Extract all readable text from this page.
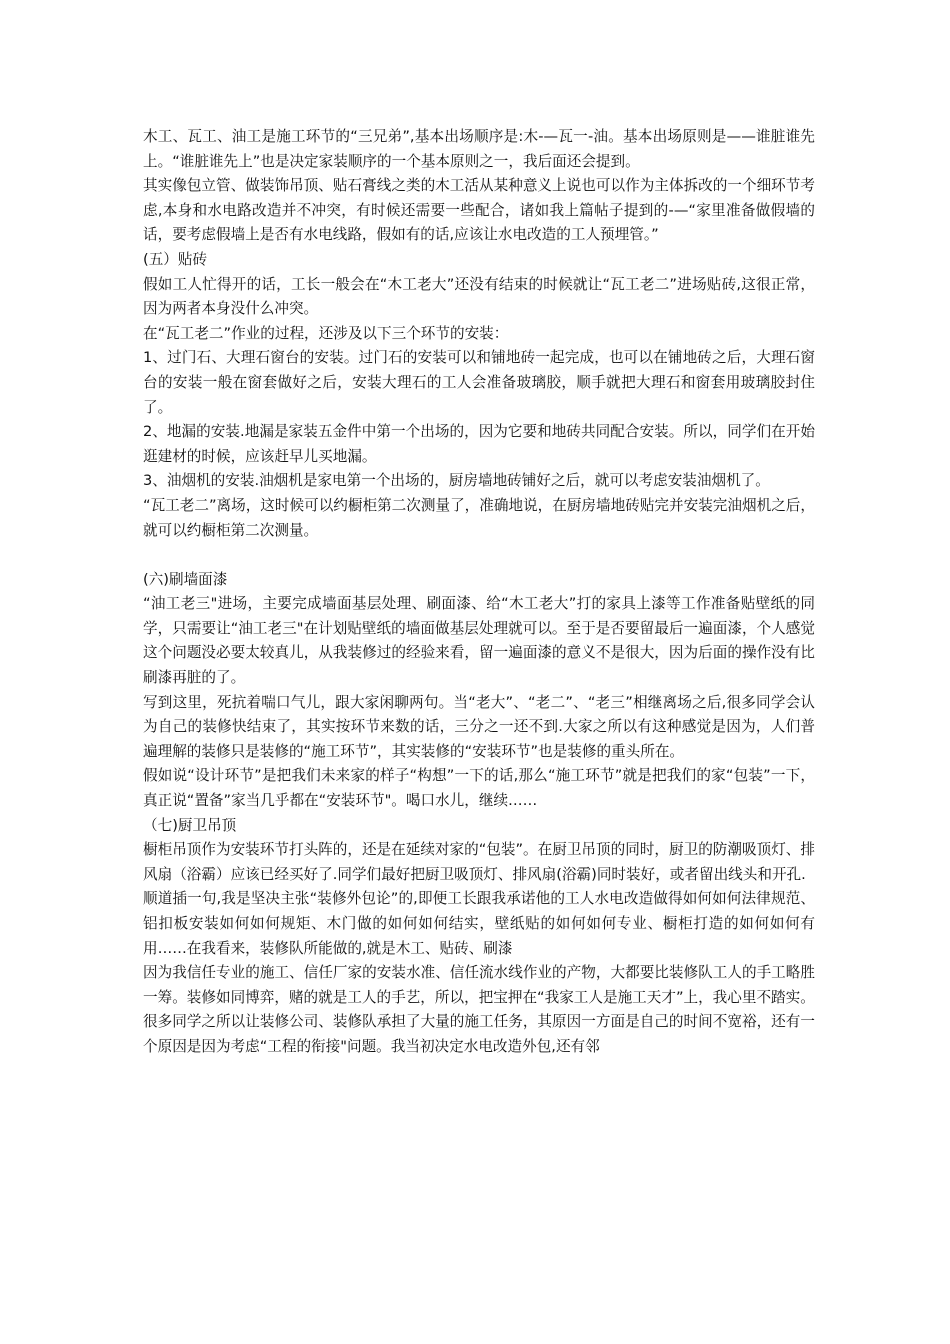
木工、瓦工、油工是施工环节的“三兄弟”,基本出场顺序是:木-—瓦一-油。基本出场原则是——谁脏谁先上。“谁脏谁先上”也是决定家装顺序的一个基本原则之一，我后面还会提到。

其实像包立管、做装饰吊顶、贴石膏线之类的木工活从某种意义上说也可以作为主体拆改的一个细环节考虑,本身和水电路改造并不冲突，有时候还需要一些配合，诸如我上篇帖子提到的-—“家里准备做假墙的话，要考虑假墙上是否有水电线路，假如有的话,应该让水电改造的工人预埋管。”

(五）贴砖

假如工人忙得开的话，工长一般会在“木工老大”还没有结束的时候就让“瓦工老二”进场贴砖,这很正常，因为两者本身没什么冲突。

在“瓦工老二”作业的过程，还涉及以下三个环节的安装：

1、过门石、大理石窗台的安装。过门石的安装可以和铺地砖一起完成，也可以在铺地砖之后，大理石窗台的安装一般在窗套做好之后，安装大理石的工人会准备玻璃胶，顺手就把大理石和窗套用玻璃胶封住了。

2、地漏的安装.地漏是家装五金件中第一个出场的，因为它要和地砖共同配合安装。所以，同学们在开始逛建材的时候，应该赶早儿买地漏。

3、油烟机的安装.油烟机是家电第一个出场的，厨房墙地砖铺好之后，就可以考虑安装油烟机了。

“瓦工老二”离场，这时候可以约橱柜第二次测量了，准确地说，在厨房墙地砖贴完并安装完油烟机之后，就可以约橱柜第二次测量。

(六)刷墙面漆

“油工老三"进场，主要完成墙面基层处理、刷面漆、给“木工老大”打的家具上漆等工作准备贴壁纸的同学，只需要让“油工老三"在计划贴壁纸的墙面做基层处理就可以。至于是否要留最后一遍面漆，个人感觉这个问题没必要太较真儿，从我装修过的经验来看，留一遍面漆的意义不是很大，因为后面的操作没有比刷漆再脏的了。

写到这里，死抗着喘口气儿，跟大家闲聊两句。当“老大”、“老二”、“老三”相继离场之后,很多同学会认为自己的装修快结束了，其实按环节来数的话，三分之一还不到.大家之所以有这种感觉是因为，人们普遍理解的装修只是装修的“施工环节”，其实装修的“安装环节”也是装修的重头所在。

假如说“设计环节”是把我们未来家的样子“构想”一下的话,那么“施工环节”就是把我们的家“包装”一下，真正说“置备”家当几乎都在“安装环节"。喝口水儿，继续……

（七)厨卫吊顶

橱柜吊顶作为安装环节打头阵的，还是在延续对家的“包装”。在厨卫吊顶的同时，厨卫的防潮吸顶灯、排风扇（浴霸）应该已经买好了.同学们最好把厨卫吸顶灯、排风扇(浴霸)同时装好，或者留出线头和开孔.

顺道插一句,我是坚决主张“装修外包论”的,即便工长跟我承诺他的工人水电改造做得如何如何法律规范、铝扣板安装如何如何规矩、木门做的如何如何结实，壁纸贴的如何如何专业、橱柜打造的如何如何有用……在我看来，装修队所能做的,就是木工、贴砖、刷漆

因为我信任专业的施工、信任厂家的安装水准、信任流水线作业的产物，大都要比装修队工人的手工略胜一筹。装修如同博弈，赌的就是工人的手艺，所以，把宝押在“我家工人是施工天才”上，我心里不踏实。

很多同学之所以让装修公司、装修队承担了大量的施工任务，其原因一方面是自己的时间不宽裕，还有一个原因是因为考虑“工程的衔接"问题。我当初决定水电改造外包,还有邻
